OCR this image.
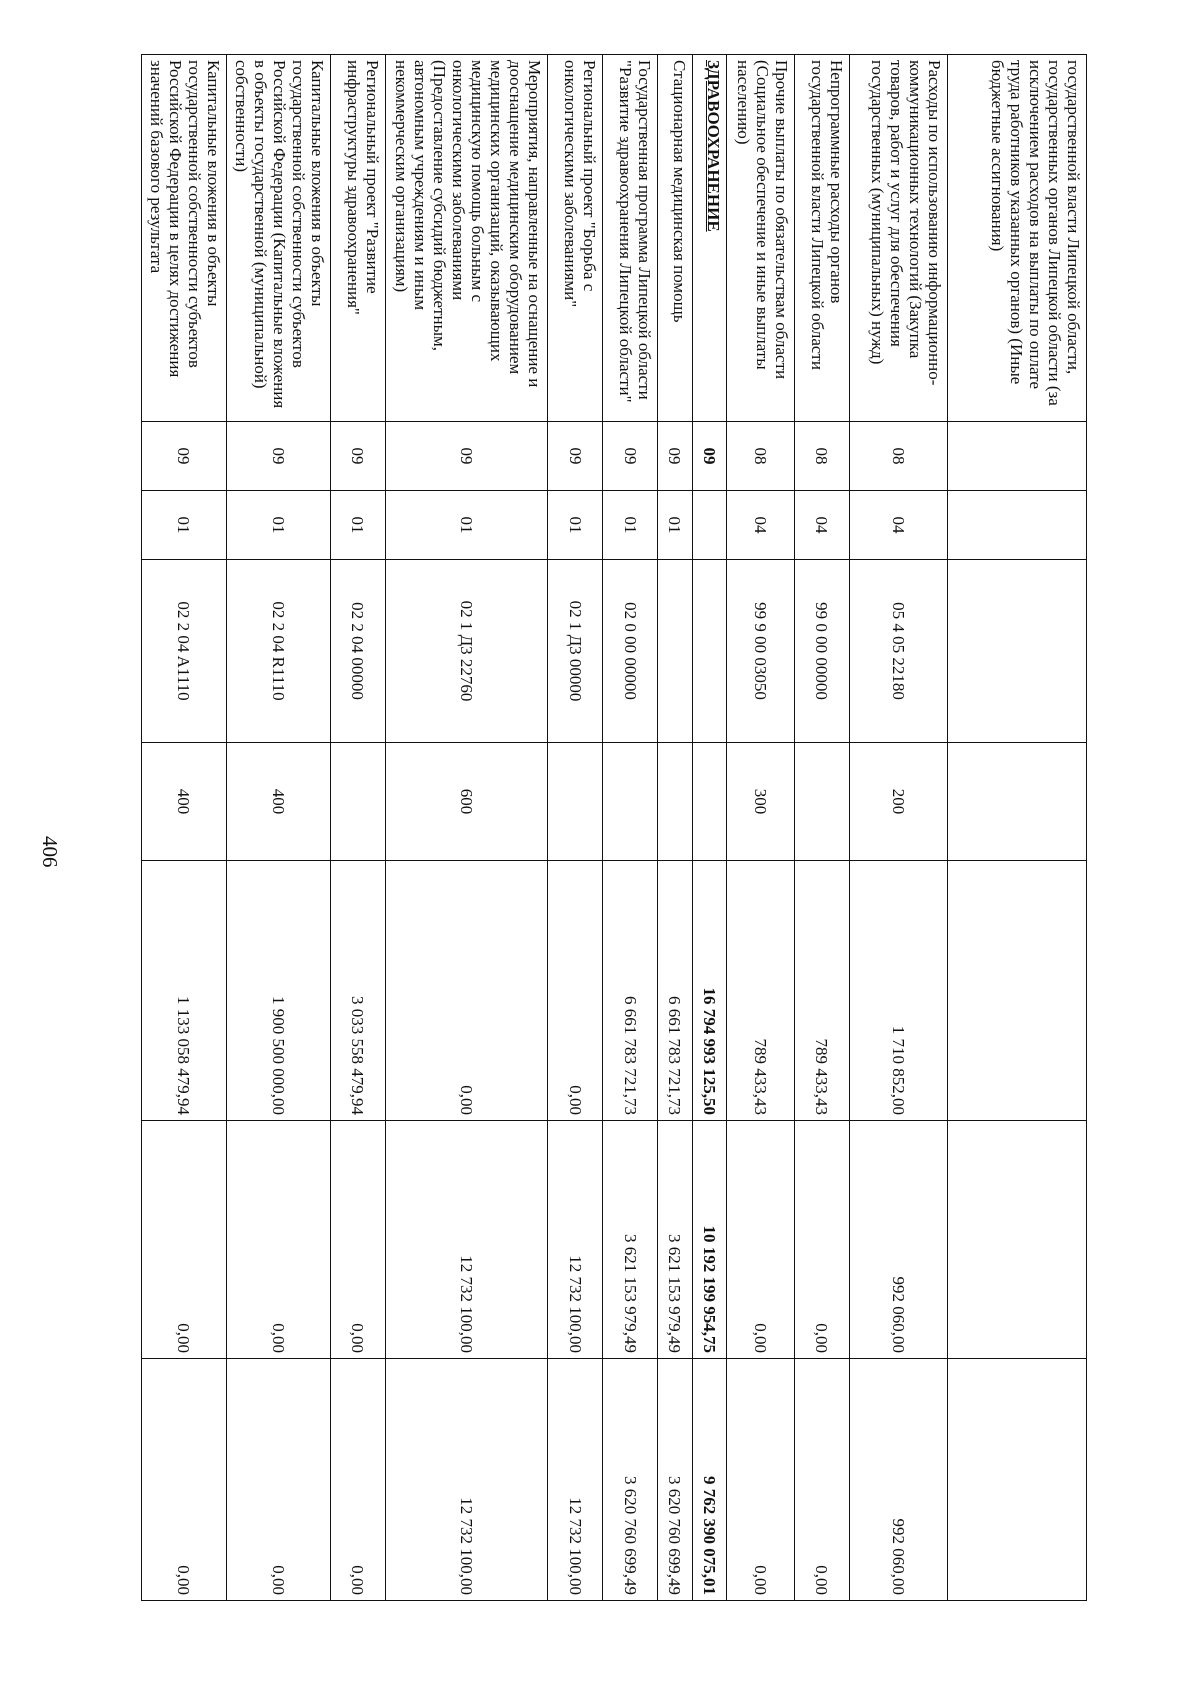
406
государственной власти Липецкой области, государственных органов Липецкой области (за исключением расходов на выплаты по оплате труда работников указанных органов) (Иные бюджетные ассигнования)							
Расходы по использованию информационно-коммуникационных технологий (Закупка товаров, работ и услуг для обеспечения государственных (муниципальных) нужд)	08	04	05 4 05 22180	200	1 710 852,00	992 060,00	992 060,00
Непрограммные расходы органов государственной власти Липецкой области	08	04	99 0 00 00000		789 433,43	0,00	0,00
Прочие выплаты по обязательствам области (Социальное обеспечение и иные выплаты населению)	08	04	99 9 00 03050	300	789 433,43	0,00	0,00
ЗДРАВООХРАНЕНИЕ	09				16 794 993 125,50	10 192 199 954,75	9 762 390 075,01
Стационарная медицинская помощь	09	01			6 661 783 721,73	3 621 153 979,49	3 620 760 699,49
Государственная программа Липецкой области "Развитие здравоохранения Липецкой области"	09	01	02 0 00 00000		6 661 783 721,73	3 621 153 979,49	3 620 760 699,49
Региональный проект "Борьба с онкологическими заболеваниями"	09	01	02 1 Д3 00000		0,00	12 732 100,00	12 732 100,00
Мероприятия, направленные на оснащение и дооснащение медицинским оборудованием медицинских организаций, оказывающих медицинскую помощь больным с онкологическими заболеваниями (Предоставление субсидий бюджетным, автономным учреждениям и иным некоммерческим организациям)	09	01	02 1 Д3 22760	600	0,00	12 732 100,00	12 732 100,00
Региональный проект "Развитие инфраструктуры здравоохранения"	09	01	02 2 04 00000		3 033 558 479,94	0,00	0,00
Капитальные вложения в объекты государственной собственности субъектов Российской Федерации (Капитальные вложения в объекты государственной (муниципальной) собственности)	09	01	02 2 04 R1110	400	1 900 500 000,00	0,00	0,00
Капитальные вложения в объекты государственной собственности субъектов Российской Федерации в целях достижения значений базового результата	09	01	02 2 04 A1110	400	1 133 058 479,94	0,00	0,00
